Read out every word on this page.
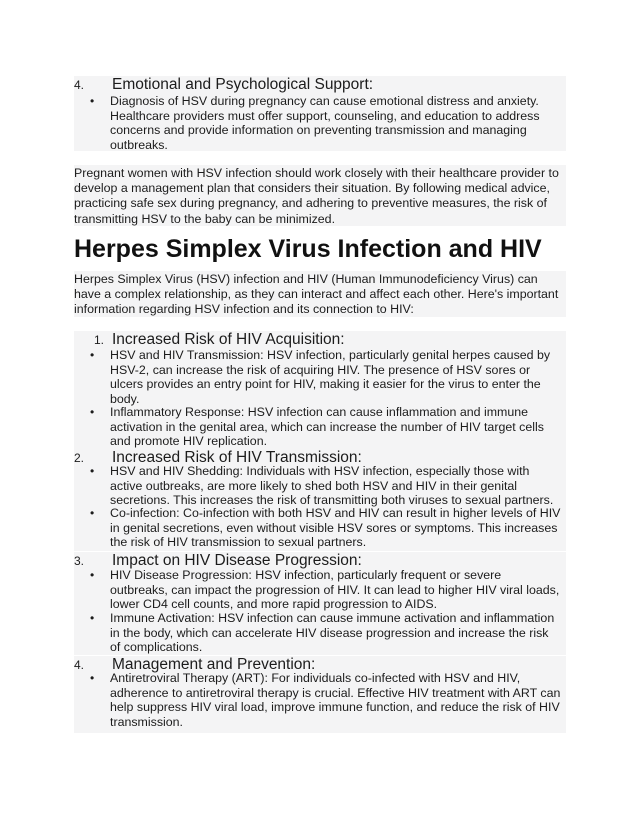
4.	Emotional and Psychological Support:
• Diagnosis of HSV during pregnancy can cause emotional distress and anxiety. Healthcare providers must offer support, counseling, and education to address concerns and provide information on preventing transmission and managing outbreaks.
Pregnant women with HSV infection should work closely with their healthcare provider to develop a management plan that considers their situation. By following medical advice, practicing safe sex during pregnancy, and adhering to preventive measures, the risk of transmitting HSV to the baby can be minimized.
Herpes Simplex Virus Infection and HIV
Herpes Simplex Virus (HSV) infection and HIV (Human Immunodeficiency Virus) can have a complex relationship, as they can interact and affect each other. Here's important information regarding HSV infection and its connection to HIV:
1. Increased Risk of HIV Acquisition:
• HSV and HIV Transmission: HSV infection, particularly genital herpes caused by HSV-2, can increase the risk of acquiring HIV. The presence of HSV sores or ulcers provides an entry point for HIV, making it easier for the virus to enter the body.
• Inflammatory Response: HSV infection can cause inflammation and immune activation in the genital area, which can increase the number of HIV target cells and promote HIV replication.
2.	Increased Risk of HIV Transmission:
• HSV and HIV Shedding: Individuals with HSV infection, especially those with active outbreaks, are more likely to shed both HSV and HIV in their genital secretions. This increases the risk of transmitting both viruses to sexual partners.
• Co-infection: Co-infection with both HSV and HIV can result in higher levels of HIV in genital secretions, even without visible HSV sores or symptoms. This increases the risk of HIV transmission to sexual partners.
3.	Impact on HIV Disease Progression:
• HIV Disease Progression: HSV infection, particularly frequent or severe outbreaks, can impact the progression of HIV. It can lead to higher HIV viral loads, lower CD4 cell counts, and more rapid progression to AIDS.
• Immune Activation: HSV infection can cause immune activation and inflammation in the body, which can accelerate HIV disease progression and increase the risk of complications.
4.	Management and Prevention:
• Antiretroviral Therapy (ART): For individuals co-infected with HSV and HIV, adherence to antiretroviral therapy is crucial. Effective HIV treatment with ART can help suppress HIV viral load, improve immune function, and reduce the risk of HIV transmission.
